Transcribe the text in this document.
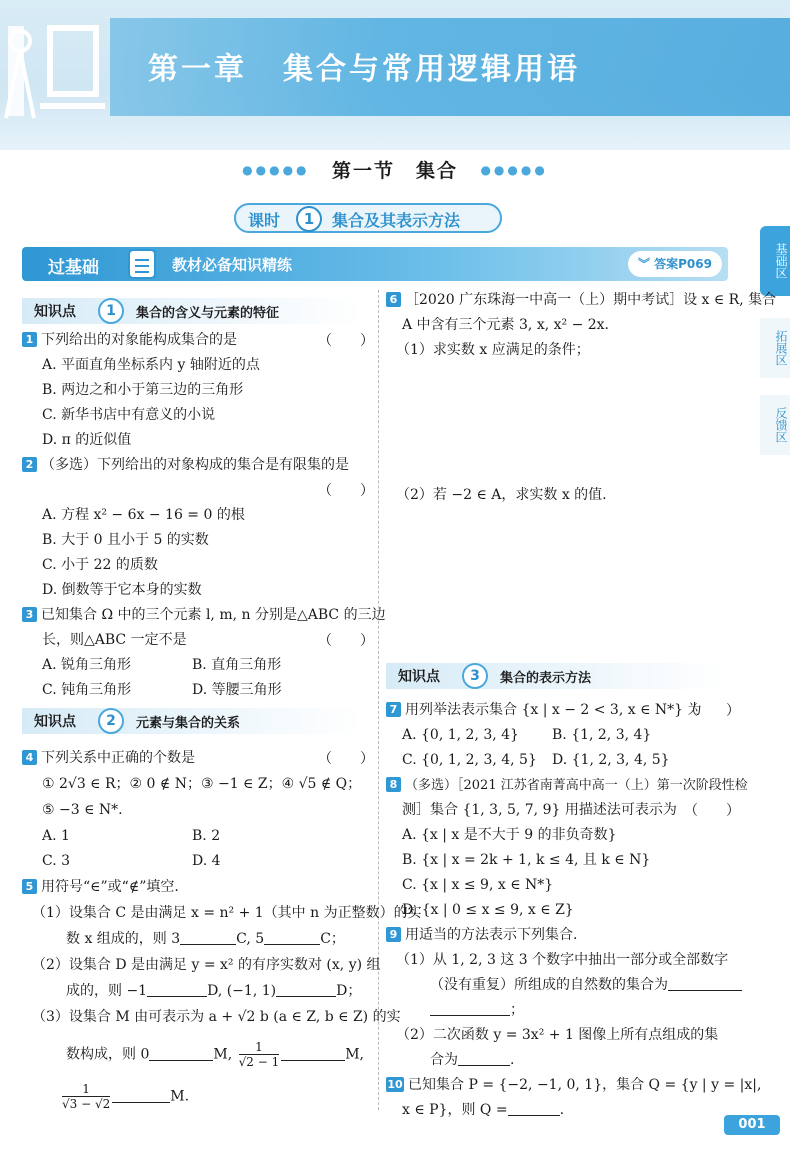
第一章 集合与常用逻辑用语
●●●●● 第一节　集合 ●●●●●
课时	1	集合及其表示方法
过基础	教材必备知识精练	︾ 答案P069	基础区
拓展区
反馈区
知识点	1	集合的含义与元素的特征
1 下列给出的对象能构成集合的是	（　　）
A. 平面直角坐标系内 y 轴附近的点
B. 两边之和小于第三边的三角形
C. 新华书店中有意义的小说
D. π 的近似值
2 （多选）下列给出的对象构成的集合是有限集的是
（　　）
A. 方程 x² − 6x − 16 = 0 的根
B. 大于 0 且小于 5 的实数
C. 小于 22 的质数
D. 倒数等于它本身的实数
3 已知集合 Ω 中的三个元素 l, m, n 分别是△ABC 的三边
长，则△ABC 一定不是	（　　）
A. 锐角三角形	B. 直角三角形
C. 钝角三角形	D. 等腰三角形
知识点	2	元素与集合的关系
4 下列关系中正确的个数是	（　　）
① 2√3 ∈ R；② 0 ∉ N；③ −1 ∈ Z；④ √5 ∉ Q；
⑤ −3 ∈ N*.
A. 1	B. 2
C. 3	D. 4
5 用符号“∈”或“∉”填空.
（1）设集合 C 是由满足 x = n² + 1（其中 n 为正整数）的实
数 x 组成的，则 3	C, 5	C；
（2）设集合 D 是由满足 y = x² 的有序实数对 (x, y) 组
成的，则 −1	D, (−1, 1)	D；
（3）设集合 M 由可表示为 a + √2 b (a ∈ Z, b ∈ Z) 的实
数构成，则 0	M, $\frac{1}{√2 - 1}$	M,
$\frac{1}{√3 - √2}$	M.
6 ［2020 广东珠海一中高一（上）期中考试］设 x ∈ R, 集合
A 中含有三个元素 3, x, x² − 2x.
（1）求实数 x 应满足的条件；
（2）若 −2 ∈ A，求实数 x 的值.
知识点	3	集合的表示方法
7 用列举法表示集合 {x | x − 2 < 3, x ∈ N*} 为
（　　）
A. {0, 1, 2, 3, 4} B. {1, 2, 3, 4}
C. {0, 1, 2, 3, 4, 5} D. {1, 2, 3, 4, 5}
8 （多选）［2021 江苏省南菁高中高一（上）第一次阶段性检
测］集合 {1, 3, 5, 7, 9} 用描述法可表示为 （　　）
A. {x | x 是不大于 9 的非负奇数}
B. {x | x = 2k + 1, k ≤ 4, 且 k ∈ N}
C. {x | x ≤ 9, x ∈ N*}
D. {x | 0 ≤ x ≤ 9, x ∈ Z}
9 用适当的方法表示下列集合.
（1）从 1, 2, 3 这 3 个数字中抽出一部分或全部数字
（没有重复）所组成的自然数的集合为
；
（2）二次函数 y = 3x² + 1 图像上所有点组成的集
合为	.
10 已知集合 P = {−2, −1, 0, 1}，集合 Q = {y | y = |x|,
x ∈ P}，则 Q =	.
001
